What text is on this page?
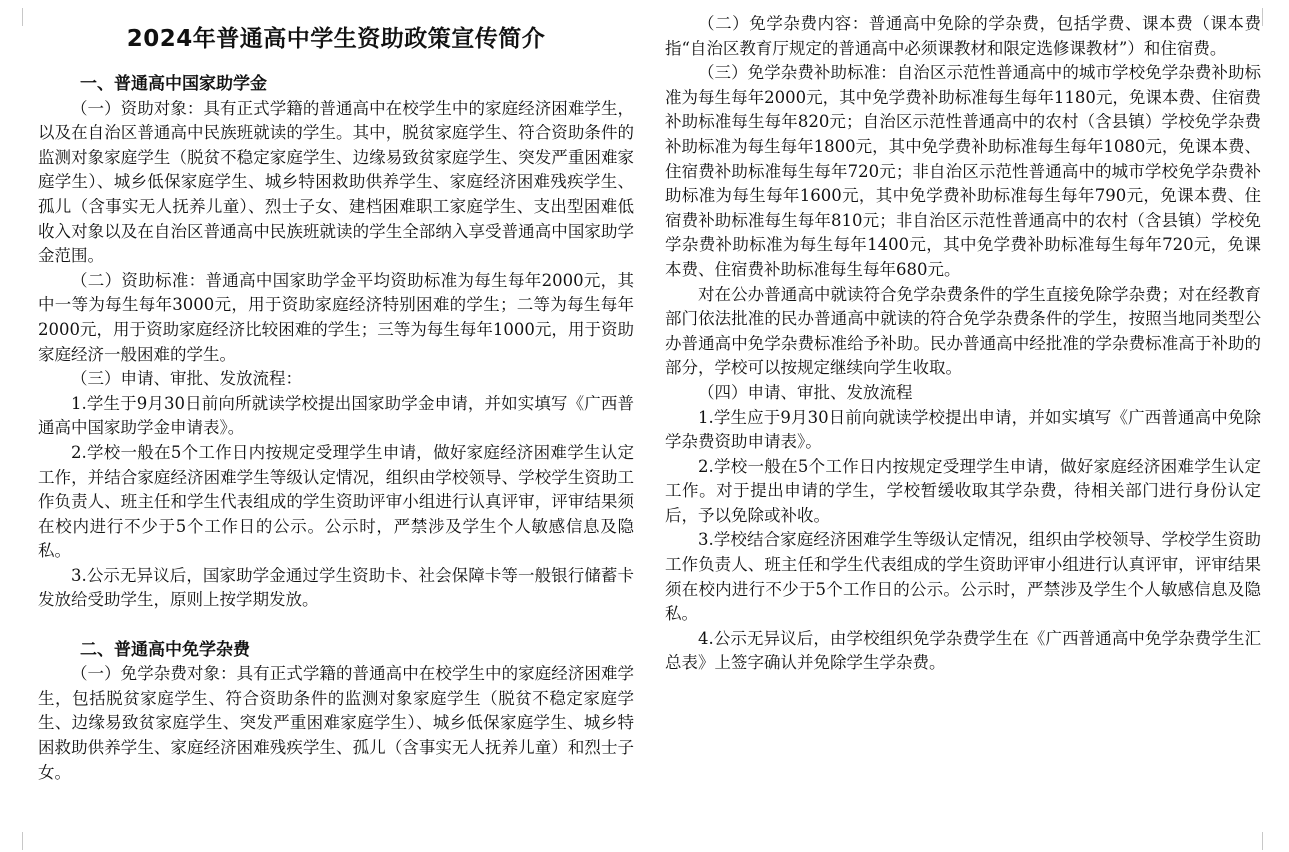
2024年普通高中学生资助政策宣传简介
一、普通高中国家助学金

（一）资助对象：具有正式学籍的普通高中在校学生中的家庭经济困难学生，以及在自治区普通高中民族班就读的学生。其中，脱贫家庭学生、符合资助条件的监测对象家庭学生（脱贫不稳定家庭学生、边缘易致贫家庭学生、突发严重困难家庭学生）、城乡低保家庭学生、城乡特困救助供养学生、家庭经济困难残疾学生、孤儿（含事实无人抚养儿童）、烈士子女、建档困难职工家庭学生、支出型困难低收入对象以及在自治区普通高中民族班就读的学生全部纳入享受普通高中国家助学金范围。

（二）资助标准：普通高中国家助学金平均资助标准为每生每年2000元，其中一等为每生每年3000元，用于资助家庭经济特别困难的学生；二等为每生每年2000元，用于资助家庭经济比较困难的学生；三等为每生每年1000元，用于资助家庭经济一般困难的学生。

（三）申请、审批、发放流程：

1.学生于9月30日前向所就读学校提出国家助学金申请，并如实填写《广西普通高中国家助学金申请表》。

2.学校一般在5个工作日内按规定受理学生申请，做好家庭经济困难学生认定工作，并结合家庭经济困难学生等级认定情况，组织由学校领导、学校学生资助工作负责人、班主任和学生代表组成的学生资助评审小组进行认真评审，评审结果须在校内进行不少于5个工作日的公示。公示时，严禁涉及学生个人敏感信息及隐私。

3.公示无异议后，国家助学金通过学生资助卡、社会保障卡等一般银行储蓄卡发放给受助学生，原则上按学期发放。

二、普通高中免学杂费

（一）免学杂费对象：具有正式学籍的普通高中在校学生中的家庭经济困难学生，包括脱贫家庭学生、符合资助条件的监测对象家庭学生（脱贫不稳定家庭学生、边缘易致贫家庭学生、突发严重困难家庭学生）、城乡低保家庭学生、城乡特困救助供养学生、家庭经济困难残疾学生、孤儿（含事实无人抚养儿童）和烈士子女。

（二）免学杂费内容：普通高中免除的学杂费，包括学费、课本费（课本费指“自治区教育厅规定的普通高中必须课教材和限定选修课教材”）和住宿费。

（三）免学杂费补助标准：自治区示范性普通高中的城市学校免学杂费补助标准为每生每年2000元，其中免学费补助标准每生每年1180元，免课本费、住宿费补助标准每生每年820元；自治区示范性普通高中的农村（含县镇）学校免学杂费补助标准为每生每年1800元，其中免学费补助标准每生每年1080元，免课本费、住宿费补助标准每生每年720元；非自治区示范性普通高中的城市学校免学杂费补助标准为每生每年1600元，其中免学费补助标准每生每年790元，免课本费、住宿费补助标准每生每年810元；非自治区示范性普通高中的农村（含县镇）学校免学杂费补助标准为每生每年1400元，其中免学费补助标准每生每年720元，免课本费、住宿费补助标准每生每年680元。

对在公办普通高中就读符合免学杂费条件的学生直接免除学杂费；对在经教育部门依法批准的民办普通高中就读的符合免学杂费条件的学生，按照当地同类型公办普通高中免学杂费标准给予补助。民办普通高中经批准的学杂费标准高于补助的部分，学校可以按规定继续向学生收取。

（四）申请、审批、发放流程

1.学生应于9月30日前向就读学校提出申请，并如实填写《广西普通高中免除学杂费资助申请表》。

2.学校一般在5个工作日内按规定受理学生申请，做好家庭经济困难学生认定工作。对于提出申请的学生，学校暂缓收取其学杂费，待相关部门进行身份认定后，予以免除或补收。

3.学校结合家庭经济困难学生等级认定情况，组织由学校领导、学校学生资助工作负责人、班主任和学生代表组成的学生资助评审小组进行认真评审，评审结果须在校内进行不少于5个工作日的公示。公示时，严禁涉及学生个人敏感信息及隐私。

4.公示无异议后，由学校组织免学杂费学生在《广西普通高中免学杂费学生汇总表》上签字确认并免除学生学杂费。
